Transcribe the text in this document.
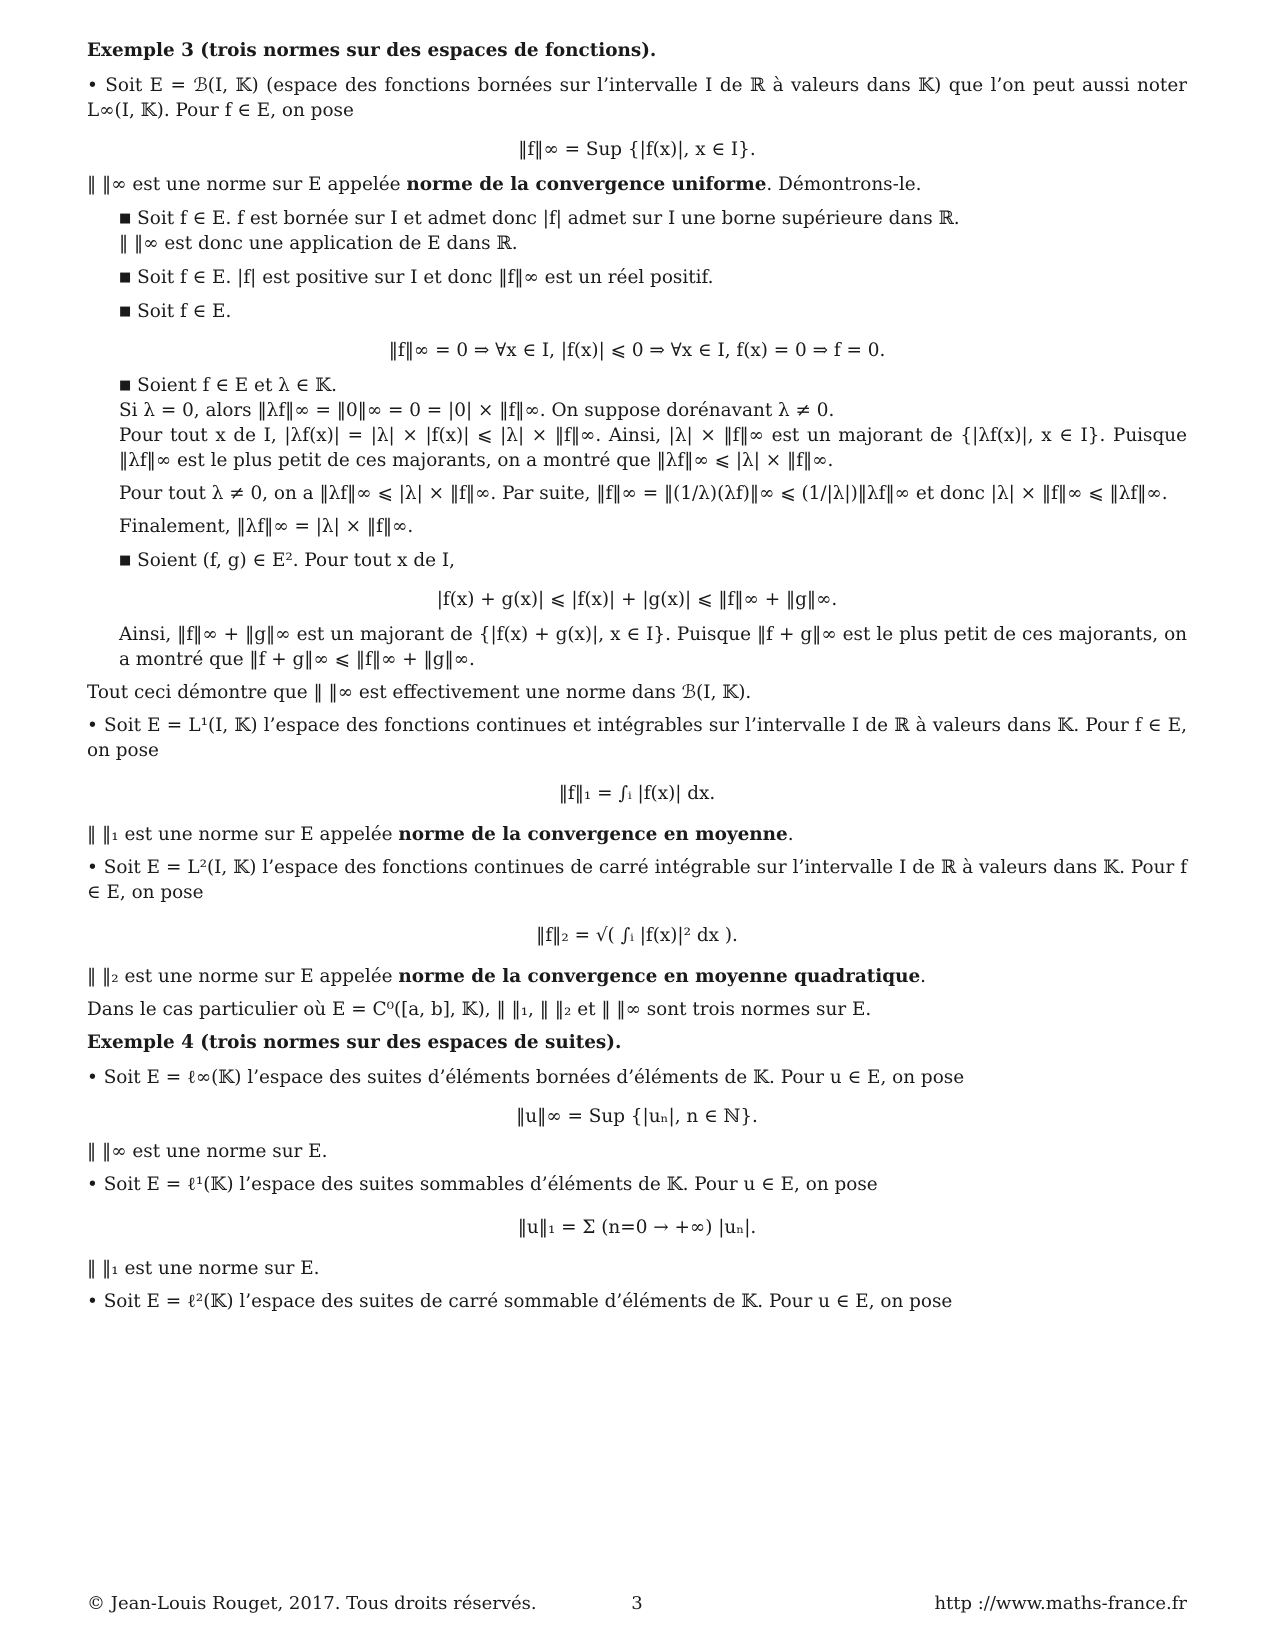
Exemple 3 (trois normes sur des espaces de fonctions).

• Soit E = ℬ(I, 𝕂) (espace des fonctions bornées sur l’intervalle I de ℝ à valeurs dans 𝕂) que l’on peut aussi noter L∞(I, 𝕂). Pour f ∈ E, on pose

‖f‖∞ = Sup {|f(x)|, x ∈ I}.

‖ ‖∞ est une norme sur E appelée norme de la convergence uniforme. Démontrons-le.

■ Soit f ∈ E. f est bornée sur I et admet donc |f| admet sur I une borne supérieure dans ℝ.

‖ ‖∞ est donc une application de E dans ℝ.

■ Soit f ∈ E. |f| est positive sur I et donc ‖f‖∞ est un réel positif.

■ Soit f ∈ E.

‖f‖∞ = 0 ⇒ ∀x ∈ I, |f(x)| ⩽ 0 ⇒ ∀x ∈ I, f(x) = 0 ⇒ f = 0.

■ Soient f ∈ E et λ ∈ 𝕂.

Si λ = 0, alors ‖λf‖∞ = ‖0‖∞ = 0 = |0| × ‖f‖∞. On suppose dorénavant λ ≠ 0.

Pour tout x de I, |λf(x)| = |λ| × |f(x)| ⩽ |λ| × ‖f‖∞. Ainsi, |λ| × ‖f‖∞ est un majorant de {|λf(x)|, x ∈ I}. Puisque ‖λf‖∞ est le plus petit de ces majorants, on a montré que ‖λf‖∞ ⩽ |λ| × ‖f‖∞.

Pour tout λ ≠ 0, on a ‖λf‖∞ ⩽ |λ| × ‖f‖∞. Par suite, ‖f‖∞ = ‖(1/λ)(λf)‖∞ ⩽ (1/|λ|)‖λf‖∞ et donc |λ| × ‖f‖∞ ⩽ ‖λf‖∞.

Finalement, ‖λf‖∞ = |λ| × ‖f‖∞.

■ Soient (f, g) ∈ E². Pour tout x de I,

|f(x) + g(x)| ⩽ |f(x)| + |g(x)| ⩽ ‖f‖∞ + ‖g‖∞.

Ainsi, ‖f‖∞ + ‖g‖∞ est un majorant de {|f(x) + g(x)|, x ∈ I}. Puisque ‖f + g‖∞ est le plus petit de ces majorants, on a montré que ‖f + g‖∞ ⩽ ‖f‖∞ + ‖g‖∞.

Tout ceci démontre que ‖ ‖∞ est effectivement une norme dans ℬ(I, 𝕂).

• Soit E = L¹(I, 𝕂) l’espace des fonctions continues et intégrables sur l’intervalle I de ℝ à valeurs dans 𝕂. Pour f ∈ E, on pose

‖f‖₁ = ∫ᵢ |f(x)| dx.

‖ ‖₁ est une norme sur E appelée norme de la convergence en moyenne.

• Soit E = L²(I, 𝕂) l’espace des fonctions continues de carré intégrable sur l’intervalle I de ℝ à valeurs dans 𝕂. Pour f ∈ E, on pose

‖f‖₂ = √( ∫ᵢ |f(x)|² dx ).

‖ ‖₂ est une norme sur E appelée norme de la convergence en moyenne quadratique.

Dans le cas particulier où E = C⁰([a, b], 𝕂), ‖ ‖₁, ‖ ‖₂ et ‖ ‖∞ sont trois normes sur E.

Exemple 4 (trois normes sur des espaces de suites).

• Soit E = ℓ∞(𝕂) l’espace des suites d’éléments bornées d’éléments de 𝕂. Pour u ∈ E, on pose

‖u‖∞ = Sup {|uₙ|, n ∈ ℕ}.

‖ ‖∞ est une norme sur E.

• Soit E = ℓ¹(𝕂) l’espace des suites sommables d’éléments de 𝕂. Pour u ∈ E, on pose

‖u‖₁ = Σ (n=0 → +∞) |uₙ|.

‖ ‖₁ est une norme sur E.

• Soit E = ℓ²(𝕂) l’espace des suites de carré sommable d’éléments de 𝕂. Pour u ∈ E, on pose

© Jean-Louis Rouget, 2017. Tous droits réservés.	3	http ://www.maths-france.fr
